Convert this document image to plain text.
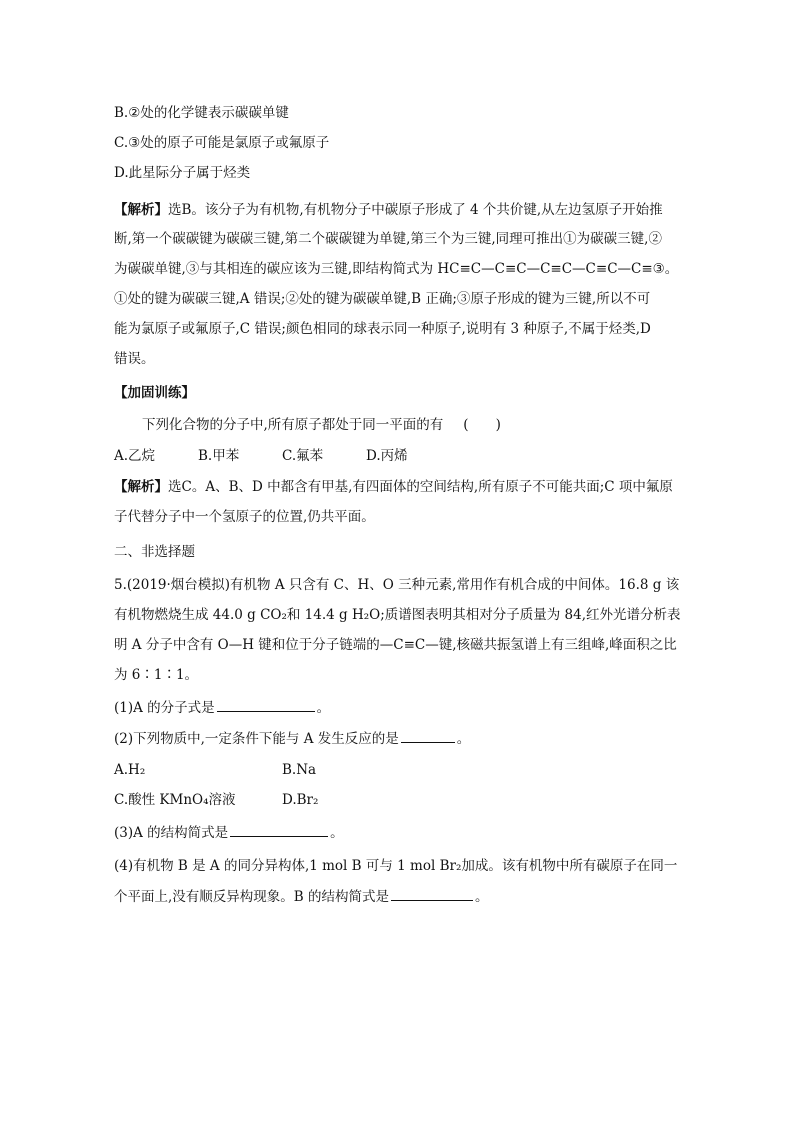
B.②处的化学键表示碳碳单键
C.③处的原子可能是氯原子或氟原子
D.此星际分子属于烃类
【解析】选B。该分子为有机物,有机物分子中碳原子形成了 4 个共价键,从左边氢原子开始推
断,第一个碳碳键为碳碳三键,第二个碳碳键为单键,第三个为三键,同理可推出①为碳碳三键,②
为碳碳单键,③与其相连的碳应该为三键,即结构简式为 HC≡C—C≡C—C≡C—C≡C—C≡③。
①处的键为碳碳三键,A 错误;②处的键为碳碳单键,B 正确;③原子形成的键为三键,所以不可
能为氯原子或氟原子,C 错误;颜色相同的球表示同一种原子,说明有 3 种原子,不属于烃类,D
错误。
【加固训练】
下列化合物的分子中,所有原子都处于同一平面的有 (　　)
A.乙烷	B.甲苯	C.氟苯	D.丙烯
【解析】选C。A、B、D 中都含有甲基,有四面体的空间结构,所有原子不可能共面;C 项中氟原
子代替分子中一个氢原子的位置,仍共平面。
二、非选择题
5.(2019·烟台模拟)有机物 A 只含有 C、H、O 三种元素,常用作有机合成的中间体。16.8 g 该
有机物燃烧生成 44.0 g CO₂和 14.4 g H₂O;质谱图表明其相对分子质量为 84,红外光谱分析表
明 A 分子中含有 O—H 键和位于分子链端的—C≡C—键,核磁共振氢谱上有三组峰,峰面积之比
为 6∶1∶1。
(1)A 的分子式是	。
(2)下列物质中,一定条件下能与 A 发生反应的是	。
A.H₂	B.Na
C.酸性 KMnO₄溶液	D.Br₂
(3)A 的结构简式是	。
(4)有机物 B 是 A 的同分异构体,1 mol B 可与 1 mol Br₂加成。该有机物中所有碳原子在同一
个平面上,没有顺反异构现象。B 的结构简式是	。
